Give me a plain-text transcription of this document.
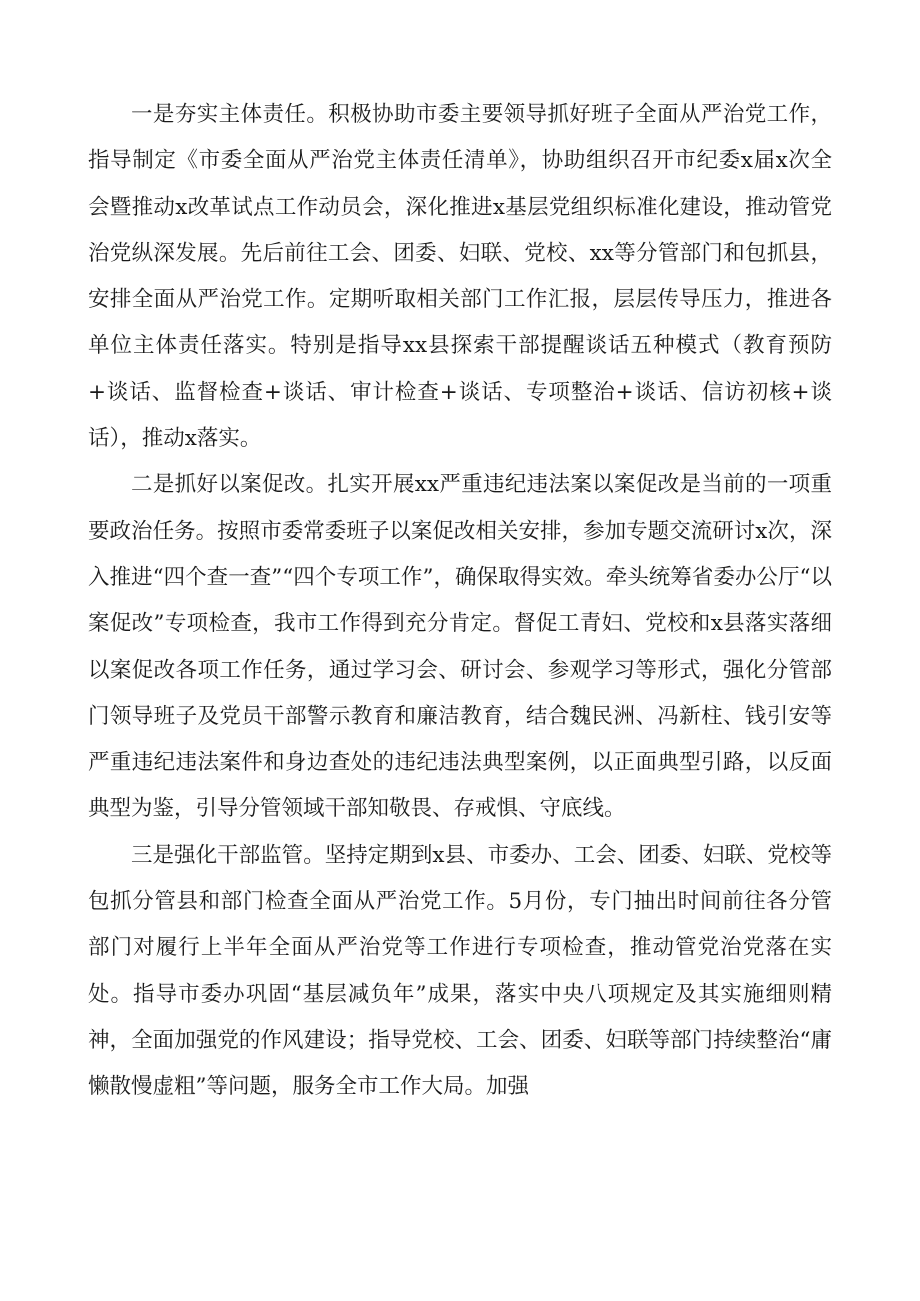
一是夯实主体责任。积极协助市委主要领导抓好班子全面从严治党工作，指导制定《市委全面从严治党主体责任清单》，协助组织召开市纪委x届x次全会暨推动x改革试点工作动员会，深化推进x基层党组织标准化建设，推动管党治党纵深发展。先后前往工会、团委、妇联、党校、xx等分管部门和包抓县，安排全面从严治党工作。定期听取相关部门工作汇报，层层传导压力，推进各单位主体责任落实。特别是指导xx县探索干部提醒谈话五种模式（教育预防+谈话、监督检查+谈话、审计检查+谈话、专项整治+谈话、信访初核+谈话），推动x落实。

二是抓好以案促改。扎实开展xx严重违纪违法案以案促改是当前的一项重要政治任务。按照市委常委班子以案促改相关安排，参加专题交流研讨x次，深入推进“四个查一查”“四个专项工作”，确保取得实效。牵头统筹省委办公厅“以案促改”专项检查，我市工作得到充分肯定。督促工青妇、党校和x县落实落细以案促改各项工作任务，通过学习会、研讨会、参观学习等形式，强化分管部门领导班子及党员干部警示教育和廉洁教育，结合魏民洲、冯新柱、钱引安等严重违纪违法案件和身边查处的违纪违法典型案例，以正面典型引路，以反面典型为鉴，引导分管领域干部知敬畏、存戒惧、守底线。

三是强化干部监管。坚持定期到x县、市委办、工会、团委、妇联、党校等包抓分管县和部门检查全面从严治党工作。5月份，专门抽出时间前往各分管部门对履行上半年全面从严治党等工作进行专项检查，推动管党治党落在实处。指导市委办巩固“基层减负年”成果，落实中央八项规定及其实施细则精神，全面加强党的作风建设；指导党校、工会、团委、妇联等部门持续整治“庸懒散慢虚粗”等问题，服务全市工作大局。加强
